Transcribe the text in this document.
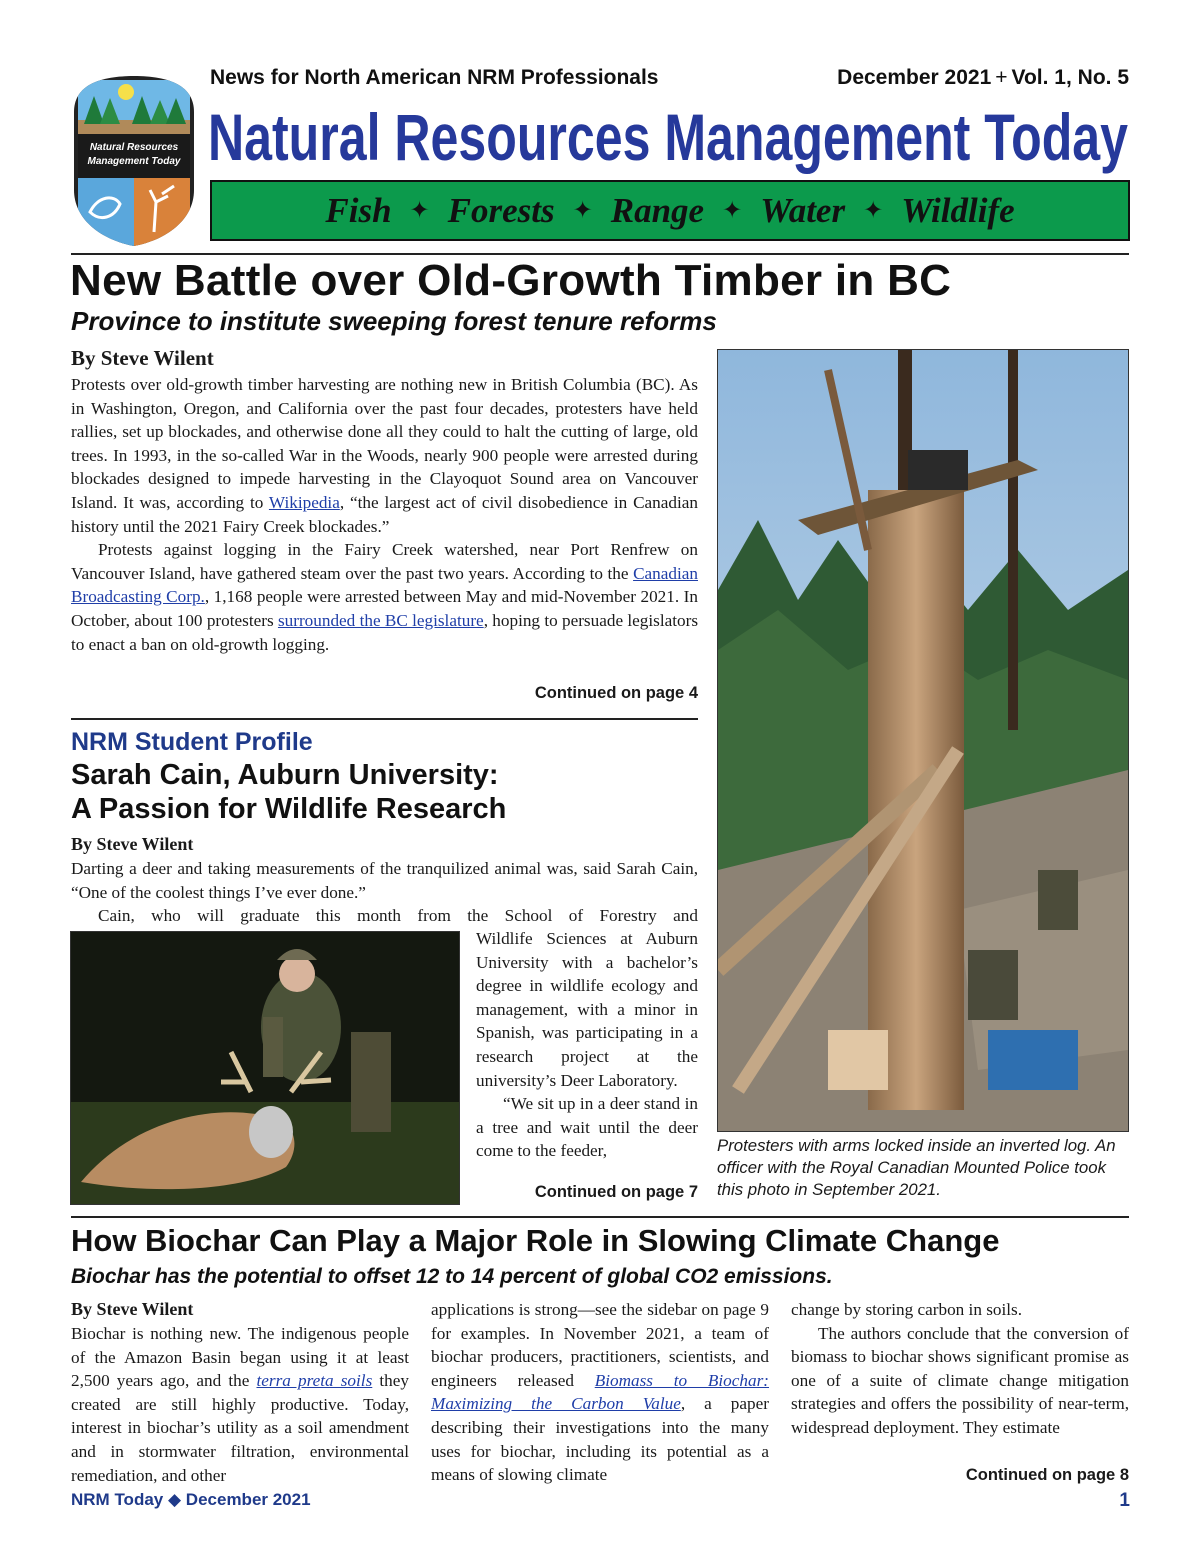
Natural Resources
Management Today
News for North American NRM Professionals	December 2021 + Vol. 1, No. 5
Natural Resources Management Today
Fish ✦ Forests ✦ Range ✦ Water ✦ Wildlife
New Battle over Old-Growth Timber in BC
Province to institute sweeping forest tenure reforms
By Steve Wilent

Protests over old-growth timber harvesting are nothing new in British Columbia (BC). As in Washington, Oregon, and California over the past four decades, protesters have held rallies, set up blockades, and otherwise done all they could to halt the cutting of large, old trees. In 1993, in the so-called War in the Woods, nearly 900 people were arrested during blockades designed to impede harvesting in the Clayoquot Sound area on Vancouver Island. It was, according to Wikipedia, “the largest act of civil disobedience in Canadian history until the 2021 Fairy Creek blockades.”

Protests against logging in the Fairy Creek watershed, near Port Renfrew on Vancouver Island, have gathered steam over the past two years. According to the Canadian Broadcasting Corp., 1,168 people were arrested between May and mid-November 2021. In October, about 100 protesters surrounded the BC legislature, hoping to persuade legislators to enact a ban on old-growth logging.

Continued on page 4
Protesters with arms locked inside an inverted log. An officer with the Royal Canadian Mounted Police took this photo in September 2021.
NRM Student Profile
Sarah Cain, Auburn University:
A Passion for Wildlife Research
By Steve Wilent

Darting a deer and taking measurements of the tranquilized animal was, said Sarah Cain, “One of the coolest things I’ve ever done.”

Cain, who will graduate this month from the School of Forestry and

Wildlife Sciences at Auburn University with a bachelor’s degree in wildlife ecology and management, with a minor in Spanish, was participating in a research project at the university’s Deer Laboratory.

“We sit up in a deer stand in a tree and wait until the deer come to the feeder,

Continued on page 7
How Biochar Can Play a Major Role in Slowing Climate Change
Biochar has the potential to offset 12 to 14 percent of global CO2 emissions.
By Steve Wilent

Biochar is nothing new. The indigenous people of the Amazon Basin began using it at least 2,500 years ago, and the terra preta soils they created are still highly productive. Today, interest in biochar’s utility as a soil amendment and in stormwater filtration, environmental remediation, and other

applications is strong—see the sidebar on page 9 for examples. In November 2021, a team of biochar producers, practitioners, scientists, and engineers released Biomass to Biochar: Maximizing the Carbon Value, a paper describing their investigations into the many uses for biochar, including its potential as a means of slowing climate

change by storing carbon in soils.

The authors conclude that the conversion of biomass to biochar shows significant promise as one of a suite of climate change mitigation strategies and offers the possibility of near-term, widespread deployment. They estimate

Continued on page 8
NRM Today ◆ December 2021	1
